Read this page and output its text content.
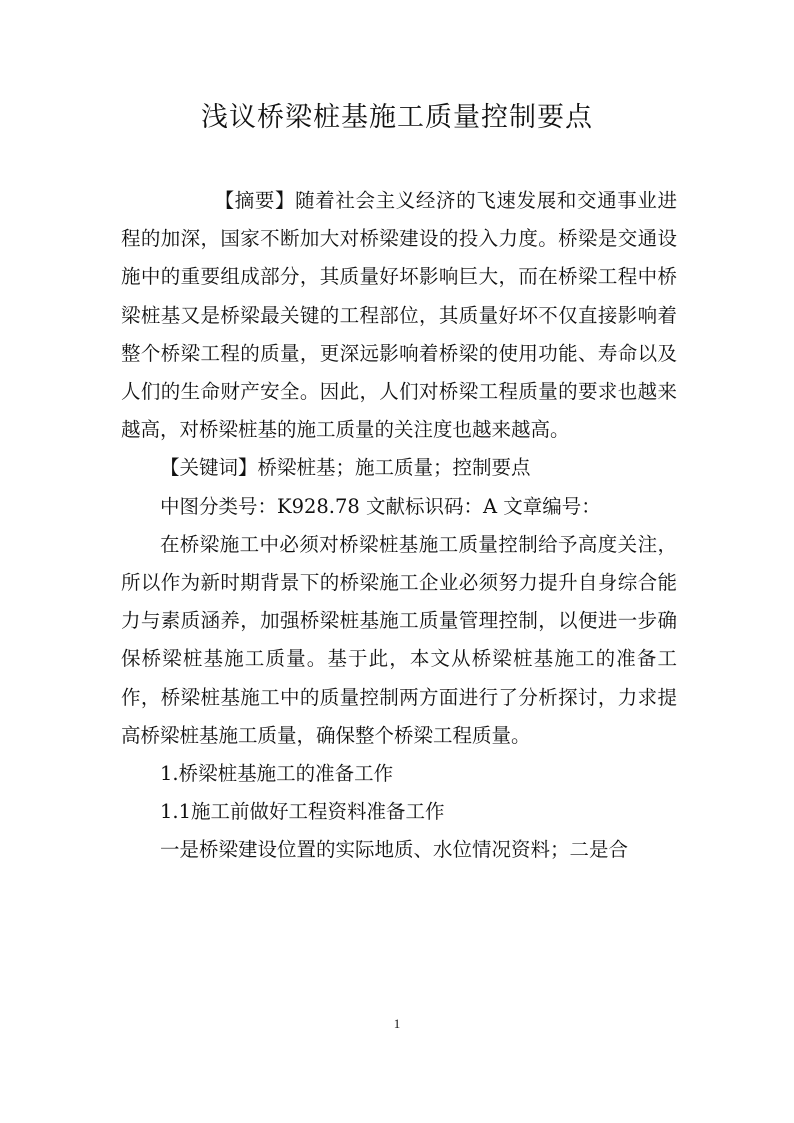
浅议桥梁桩基施工质量控制要点

【摘要】随着社会主义经济的飞速发展和交通事业进程的加深，国家不断加大对桥梁建设的投入力度。桥梁是交通设施中的重要组成部分，其质量好坏影响巨大，而在桥梁工程中桥梁桩基又是桥梁最关键的工程部位，其质量好坏不仅直接影响着整个桥梁工程的质量，更深远影响着桥梁的使用功能、寿命以及人们的生命财产安全。因此，人们对桥梁工程质量的要求也越来越高，对桥梁桩基的施工质量的关注度也越来越高。

【关键词】桥梁桩基；施工质量；控制要点

中图分类号：K928.78 文献标识码：A 文章编号：

在桥梁施工中必须对桥梁桩基施工质量控制给予高度关注，所以作为新时期背景下的桥梁施工企业必须努力提升自身综合能力与素质涵养，加强桥梁桩基施工质量管理控制，以便进一步确保桥梁桩基施工质量。基于此，本文从桥梁桩基施工的准备工作，桥梁桩基施工中的质量控制两方面进行了分析探讨，力求提高桥梁桩基施工质量，确保整个桥梁工程质量。

1.桥梁桩基施工的准备工作

1.1施工前做好工程资料准备工作

一是桥梁建设位置的实际地质、水位情况资料；二是合

1
